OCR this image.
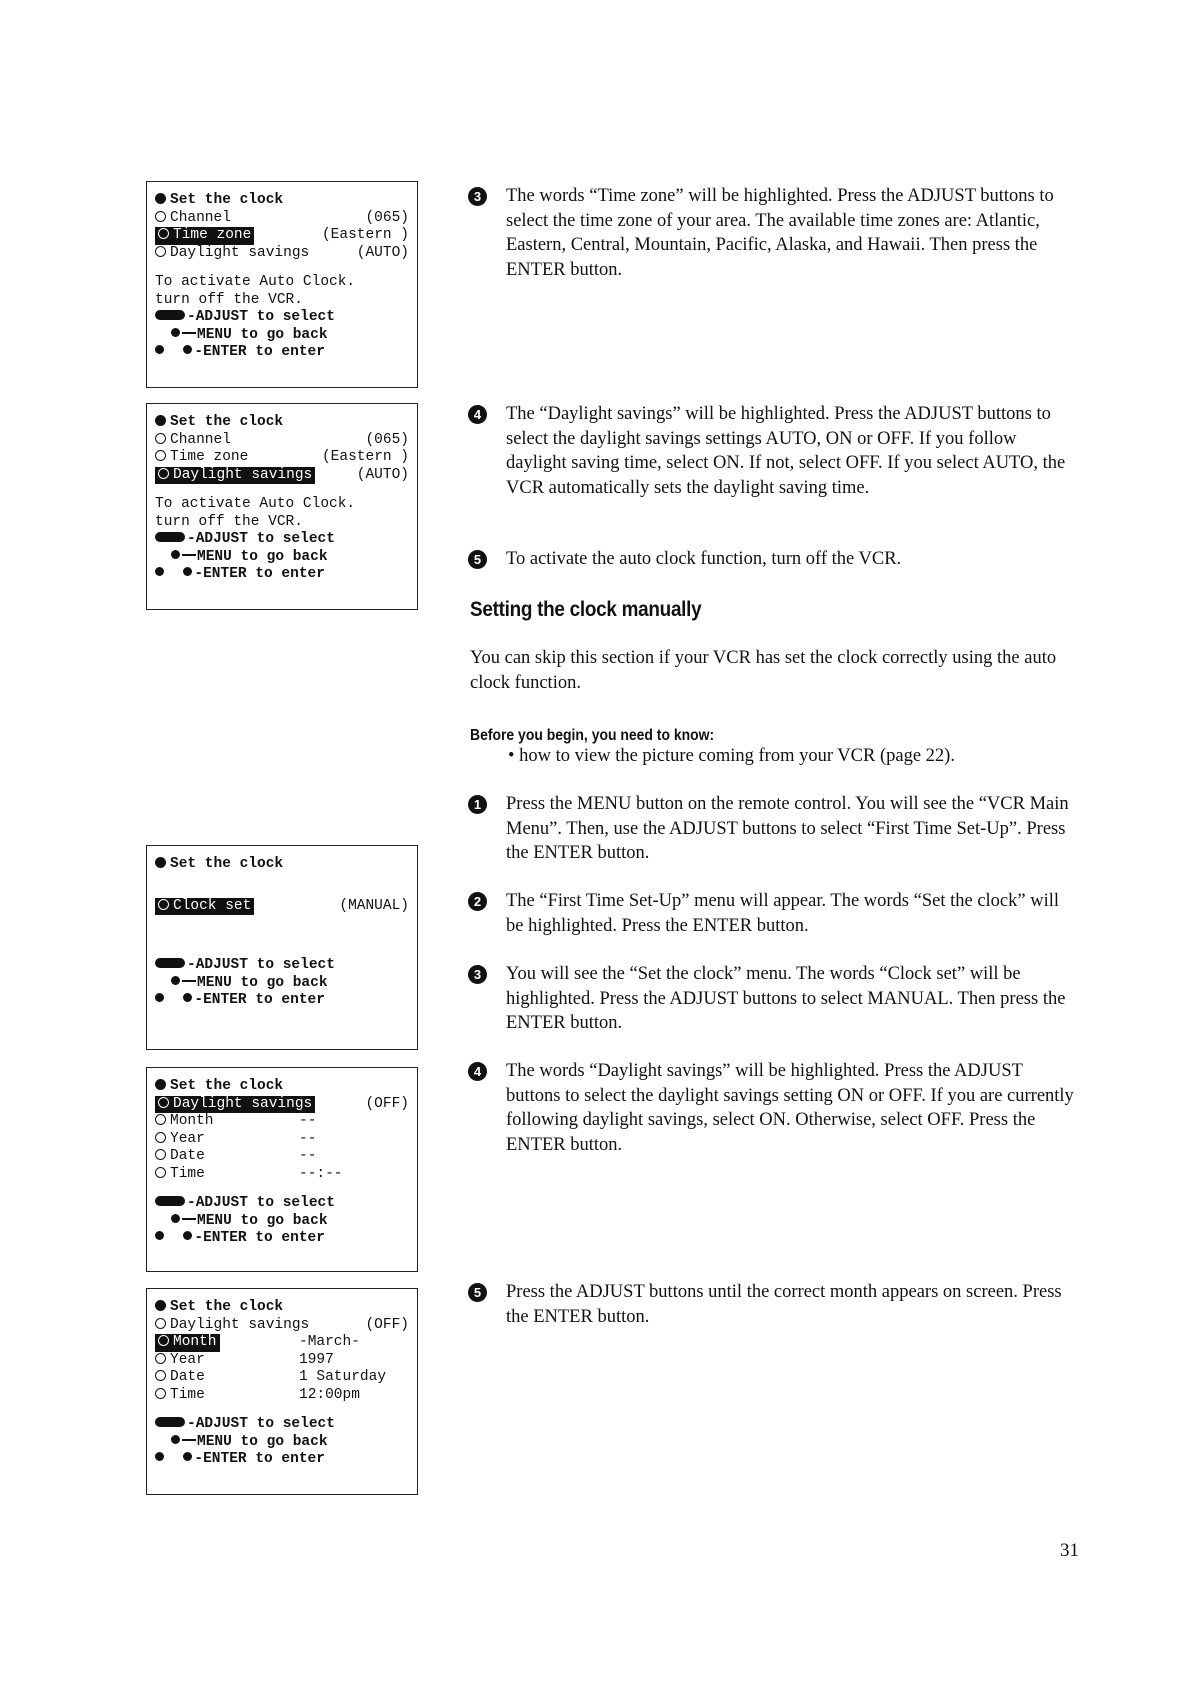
Set the clock
Channel	(065)
Time zone	(Eastern )
Daylight savings	(AUTO)
To activate Auto Clock.
turn off the VCR.
-ADJUST to select
MENU to go back
-ENTER to enter
Set the clock
Channel	(065)
Time zone	(Eastern )
Daylight savings	(AUTO)
To activate Auto Clock.
turn off the VCR.
-ADJUST to select
MENU to go back
-ENTER to enter
Set the clock
Clock set	(MANUAL)
-ADJUST to select
MENU to go back
-ENTER to enter
Set the clock
Daylight savings	(OFF)
Month	--
Year	--
Date	--
Time	--:--
-ADJUST to select
MENU to go back
-ENTER to enter
Set the clock
Daylight savings	(OFF)
Month	-March-
Year	1997
Date	1 Saturday
Time	12:00pm
-ADJUST to select
MENU to go back
-ENTER to enter
3	The words “Time zone” will be highlighted. Press the ADJUST buttons to select the time zone of your area. The available time zones are: Atlantic, Eastern, Central, Mountain, Pacific, Alaska, and Hawaii. Then press the ENTER button.
4	The “Daylight savings” will be highlighted. Press the ADJUST buttons to select the daylight savings settings AUTO, ON or OFF. If you follow daylight saving time, select ON. If not, select OFF. If you select AUTO, the VCR automatically sets the daylight saving time.
5	To activate the auto clock function, turn off the VCR.
Setting the clock manually
You can skip this section if your VCR has set the clock correctly using the auto clock function.
Before you begin, you need to know:
• how to view the picture coming from your VCR (page 22).
1	Press the MENU button on the remote control. You will see the “VCR Main Menu”. Then, use the ADJUST buttons to select “First Time Set-Up”. Press the ENTER button.
2	The “First Time Set-Up” menu will appear. The words “Set the clock” will be highlighted. Press the ENTER button.
3	You will see the “Set the clock” menu. The words “Clock set” will be highlighted. Press the ADJUST buttons to select MANUAL. Then press the ENTER button.
4	The words “Daylight savings” will be highlighted. Press the ADJUST buttons to select the daylight savings setting ON or OFF. If you are currently following daylight savings, select ON. Otherwise, select OFF. Press the ENTER button.
5	Press the ADJUST buttons until the correct month appears on screen. Press the ENTER button.
31
